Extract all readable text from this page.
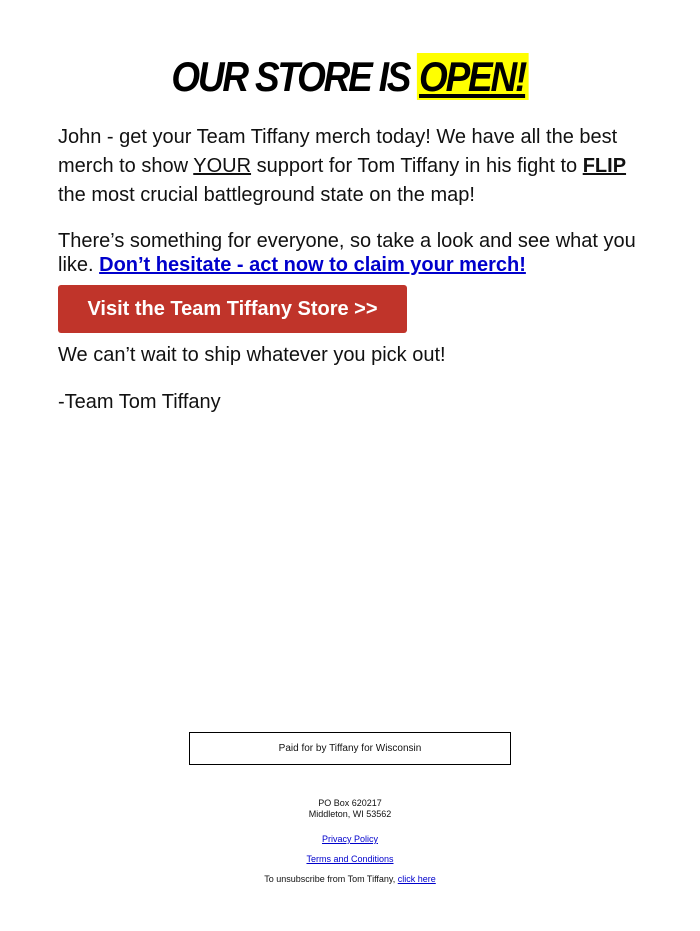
OUR STORE IS OPEN!

John - get your Team Tiffany merch today! We have all the best merch to show YOUR support for Tom Tiffany in his fight to FLIP the most crucial battleground state on the map!

There’s something for everyone, so take a look and see what you like. Don’t hesitate - act now to claim your merch!

Visit the Team Tiffany Store >>

We can’t wait to ship whatever you pick out!

-Team Tom Tiffany

Paid for by Tiffany for Wisconsin
PO Box 620217
Middleton, WI 53562
Privacy Policy
Terms and Conditions
To unsubscribe from Tom Tiffany, click here
